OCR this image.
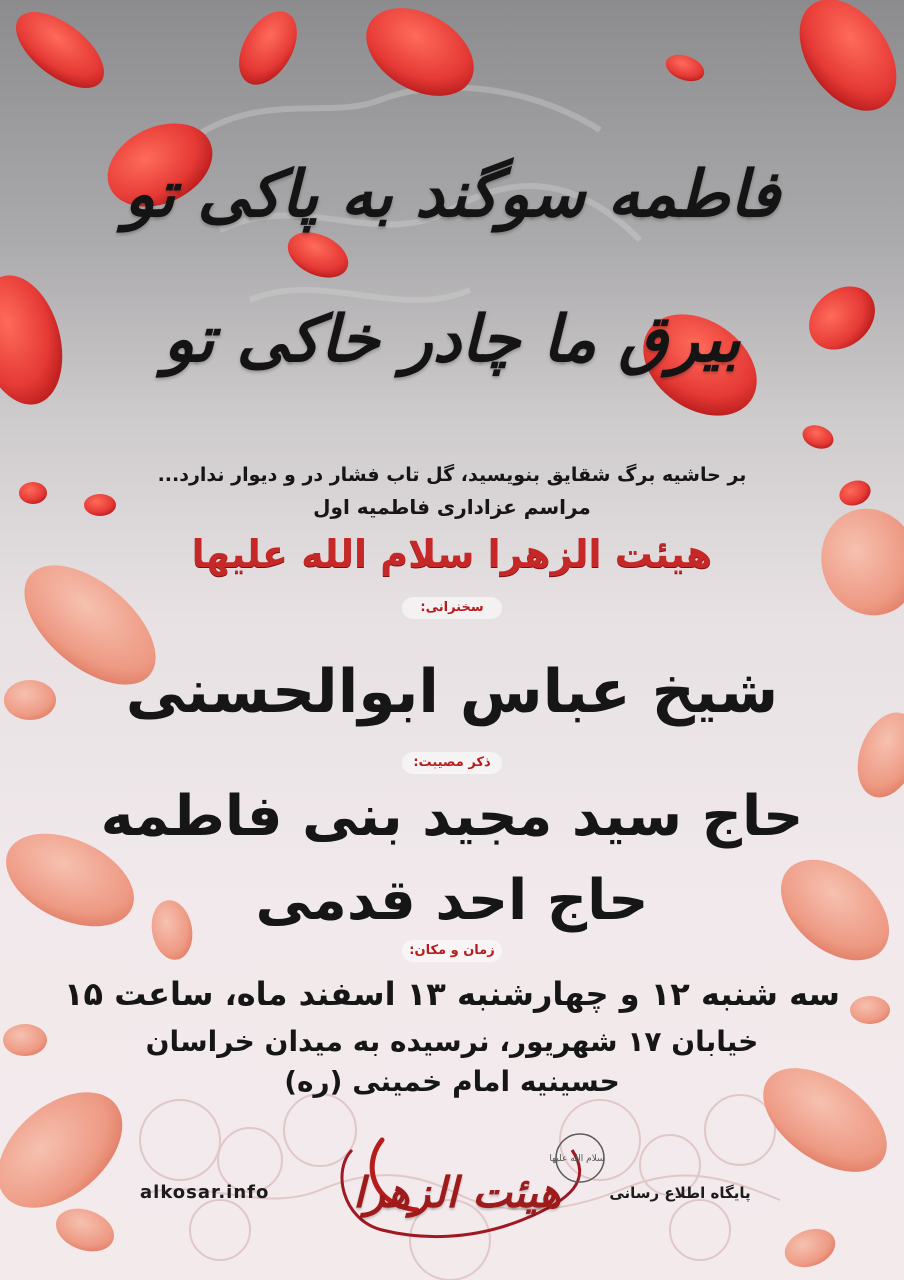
فاطمه سوگند به پاکی تو
بیرق ما چادر خاکی تو
بر حاشیه برگ شقایق بنویسید، گل تاب فشار در و دیوار ندارد...
مراسم عزاداری فاطمیه اول
هیئت الزهرا سلام الله علیها
سخنرانی:
شیخ عباس ابوالحسنی
ذکر مصیبت:
حاج سید مجید بنی فاطمه
حاج احد قدمی
زمان و مکان:
سه شنبه ۱۲ و چهارشنبه ۱۳ اسفند ماه، ساعت ۱۵
خیابان ۱۷ شهریور، نرسیده به میدان خراسان
حسینیه امام خمینی (ره)
alkosar.info	پایگاه اطلاع رسانی
هیئت الزهرا
سلام الله علیها
